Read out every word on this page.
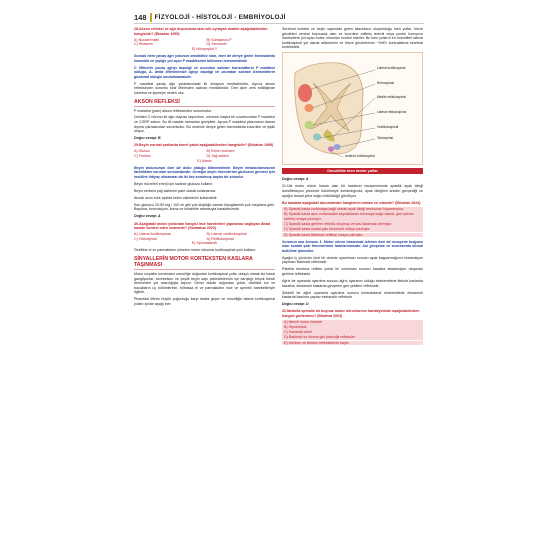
148 FİZYOLOJİ - HİSTOLOJİ - EMBRİYOLOJİ
28.Akson refleksi ve ağrı duyusunda ana rolü oynayan madde aşağıdakilerden hangisidir? (İlkbahar 1995)
A) Noradrenalin	B) Substance-P
C) Histamin	D) Serotonin
E) Nöropeptid Y

Soruda hem yavaş ağrı yolunun mediatörü olan, hem de deriye gelen travmalarda kızarıklık ve şişliğe yol açan P maddesinin bilinmesi istenmektedir.

C lifferinin yavaş ağrıyı taşıdığı ve ucundan salınan transmitterin P maddesi olduğu, A- delta liflerininhızlı ağrıyı taşıdığı ve ucundan salınan transmitterin glutamat olduğu unutulmamalıdır.

P maddesi yavaş ağrı yolaklarındaki ilk sinapsın mediatörüdür. Ayrıca akson refleksinden sorumlu sinir liflerinden salınan mediatördür. Deri içine zerk edildiğinde kızarma ve şişmeye neden olur.

AKSON REFLEKSİ

P maddesi (pain) akson refleksinden sorumludur.

Deriden C nöronu ile ağrı duyusu taşınırken, nöronun başka bir uzantısından P maddesi ve CGRP salınır. Bu iki madde damarları genişletir. Ayrıca P maddesi plazmanın damar dışına çıkmasından sorumludur. Bu nedenle deriye gelen travmalarda kızarıklık ve şişlik oluşur.

Doğru cevap: B
29.Beyin normal şartlarda temel yakıtı aşağıdakilerden hangisidir? (İlkbahar 1995)
A) Glukoz	B) Keton cisimleri
C) Fruktoz	D) Yağ asitleri
E) Alanin

Beyin dokusunun özel bir doku olduğu bilinmektedir. Beyin metabolizmasının farklılıkları soruları sorulardandır. Örneğin beyin hücrelerine glukozun girmesi için insüline ihtiyaç olmaması da iki kez sorulmuş başka bir sorudur.

Beyin hücreleri enerji için sadece glukozu kullanır.

Beyin serbest yağ asitlerini yakıt olarak kullanamaz.

Ancak uzun süre açlıkta keton cisimlerini kullanabilir.

Kan glukozu 20-50 mg / 100 ml gibi çok düştüğü zaman hipoglisemik şok meydana gelir. Bayılma, konvulsiyon, koma ve irritabilite artmasıyla karakterizedir.

Doğru cevap: A
30.Aşağıdaki motor yollardan hangisi ince hareketleri yapmanızı sağlayan distal kasları kontrol eden sistemdir? (Sonbahar 2022)
A) Lateral kortikospinal	B) Lateral vestibulospinal
C) Tektospinal	D) Retikulospinal
E) Spinotalamik

Özellikle el ve parmakların yöneten motor nöronlar kortikospinal yolu kullanır.

SİNYALLERİN MOTOR KORTEKSTEN KASLARA TAŞINMASI

Motor sinyaller korteksten omuriliğe doğrudan kortikospinal yolla; dolaylı olarak ise bazal gangliyonlar, serebellum ve çeşitli beyin sapı çekirdeklerinin işe karıştığı birçok ikincil dereceden yol aracılığıyla taşınır. Genel olarak doğrudan yollar, özellikle kol ve bacakların uç bölümlerinin, bilhassa el ve parmakların ince ve ayrıntılı hareketleriyle ilgilidir.

Piramidal liflerin büyük çoğunluğu karşı tarafa geçer ve omuriliğin lateral kortikospinal yolları içinde aşağı iner.

Serebral korteks ve beyin sapından gelen aksonların oluşturduğu inen yollar, hücre gövdeleri ventral boynuzda olan ve koordine edilmiş istemli veya postür koruyucu hareketlere yol açan motor nöronları kontrol ederler. Bu inen yolların en önemlileri lateral kortikospinal yol olarak adlandırılır ve hücre gövdelerinin ~%90'ı kontralateral serebral korteksteki.

Lateral kortikospinal
Rubrospinal
Medial retikulospinal
Lateral retikulospinal
Vestibulospinal
Tektospinal
Anterior kortikospinal
Omurilikte inen motor yollar
Doğru cevap: A

31.Üst motor nöron hasarı olan bir hastanın muayenesinde spastik ayak bileği dorsifleksiyon yönünde bükülmeye zorlandığında, ayak bileğinin aniden gevşediği ve ayağın dorsal yöne doğru büküldüğü görülüyor.

Bu hastada aşağıdaki durumlardan hangisinin olması en olasıdır? (İlkbahar 2024)
A) Spastik kasta zorlamaya bağlı olarak ayak bileği tendonları koparmuştur.
B) Spastik kasta aşırı zorlamadan kaynaklanan travmaya bağlı olarak, geri çekme refleksi ortaya çıkmıştır.
C) Spastik kasta gerilme refleksi oluşmuş ve kas kasılması artmıştır.
D) Spastik kasta sustal-çakı fenomeni ortaya çıkmıştır.
E) Spastik kasta Babinski refleksi ortaya çıkmıştır.

Sorunun ana konusu 1. Motor nöron hasarında izlenen özel bir muayene bulgusu olan sustalı çakı fenomeninin hatırlanmasıdır. Ani gevşeme ve sonrasında dorsal bükülme ipucudur.

Ayağın iç yüzünün künt bir cisimle uyarılması sonucu ayak başparmağının ekstansiyon yapması Babinski refleksidir.

Patellar tendona refleks çekici ile vurulması sonucu bacakta ekstansiyon oluşması gerilme refleksidir.

Ağrılı bir uyaranla uyarılma sonucu ağrılı uyaranın olduğu ekstremitede fleksör kaslarda kasılma; ekstansör kaslarda gevşeme geri çekilme refleksidir.

Şiddetli bir ağrılı uyaranla uyarılma sonucu kontralateral ekstremitede ekstansör kaslarda kasılma çapraz ekstansör reflekstir.

Doğru cevap: D
32.Medulla spinalis ön boynuz motor nöronlarının harabiyetinde aşağıdakilerden hangisi gözlenmez? (İlkbahar 2003)
A) İstemli motor hareket
B) Hipotoniste
C) Kaslarda atrofi
D) Babinski ve klonus gibi patolojik refleksler
E) Gerilme ve tendon reflekslerinin kaybı
